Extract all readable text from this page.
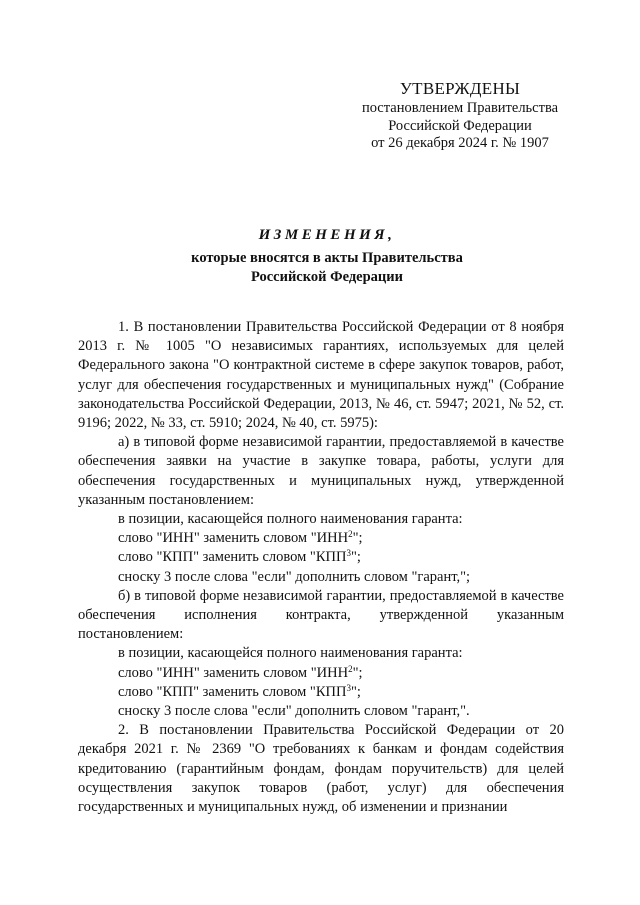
УТВЕРЖДЕНЫ
постановлением Правительства
Российской Федерации
от 26 декабря 2024 г. № 1907
ИЗМЕНЕНИЯ,
которые вносятся в акты Правительства
Российской Федерации

1. В постановлении Правительства Российской Федерации от 8 ноября 2013 г. № 1005 "О независимых гарантиях, используемых для целей Федерального закона "О контрактной системе в сфере закупок товаров, работ, услуг для обеспечения государственных и муниципальных нужд" (Собрание законодательства Российской Федерации, 2013, № 46, ст. 5947; 2021, № 52, ст. 9196; 2022, № 33, ст. 5910; 2024, № 40, ст. 5975):

а) в типовой форме независимой гарантии, предоставляемой в качестве обеспечения заявки на участие в закупке товара, работы, услуги для обеспечения государственных и муниципальных нужд, утвержденной указанным постановлением:

в позиции, касающейся полного наименования гаранта:

слово "ИНН" заменить словом "ИНН$^2$";

слово "КПП" заменить словом "КПП$^3$";

сноску 3 после слова "если" дополнить словом "гарант,";

б) в типовой форме независимой гарантии, предоставляемой в качестве обеспечения исполнения контракта, утвержденной указанным постановлением:

в позиции, касающейся полного наименования гаранта:

слово "ИНН" заменить словом "ИНН$^2$";

слово "КПП" заменить словом "КПП$^3$";

сноску 3 после слова "если" дополнить словом "гарант,".

2. В постановлении Правительства Российской Федерации от 20 декабря 2021 г. № 2369 "О требованиях к банкам и фондам содействия кредитованию (гарантийным фондам, фондам поручительств) для целей осуществления закупок товаров (работ, услуг) для обеспечения государственных и муниципальных нужд, об изменении и признании
